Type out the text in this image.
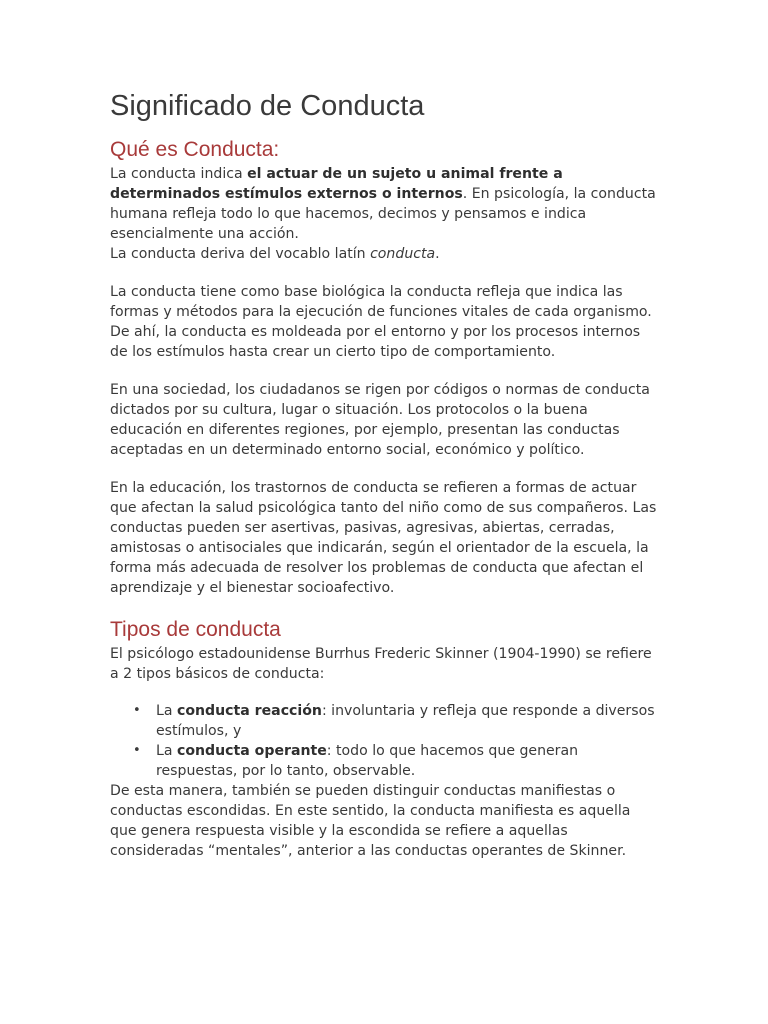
Significado de Conducta
Qué es Conducta:

La conducta indica el actuar de un sujeto u animal frente a determinados estímulos externos o internos. En psicología, la conducta humana refleja todo lo que hacemos, decimos y pensamos e indica esencialmente una acción.

La conducta deriva del vocablo latín conducta.

La conducta tiene como base biológica la conducta refleja que indica las formas y métodos para la ejecución de funciones vitales de cada organismo. De ahí, la conducta es moldeada por el entorno y por los procesos internos de los estímulos hasta crear un cierto tipo de comportamiento.

En una sociedad, los ciudadanos se rigen por códigos o normas de conducta dictados por su cultura, lugar o situación. Los protocolos o la buena educación en diferentes regiones, por ejemplo, presentan las conductas aceptadas en un determinado entorno social, económico y político.

En la educación, los trastornos de conducta se refieren a formas de actuar que afectan la salud psicológica tanto del niño como de sus compañeros. Las conductas pueden ser asertivas, pasivas, agresivas, abiertas, cerradas, amistosas o antisociales que indicarán, según el orientador de la escuela, la forma más adecuada de resolver los problemas de conducta que afectan el aprendizaje y el bienestar socioafectivo.

Tipos de conducta

El psicólogo estadounidense Burrhus Frederic Skinner (1904-1990) se refiere a 2 tipos básicos de conducta:

• La conducta reacción: involuntaria y refleja que responde a diversos estímulos, y
• La conducta operante: todo lo que hacemos que generan respuestas, por lo tanto, observable.

De esta manera, también se pueden distinguir conductas manifiestas o conductas escondidas. En este sentido, la conducta manifiesta es aquella que genera respuesta visible y la escondida se refiere a aquellas consideradas “mentales”, anterior a las conductas operantes de Skinner.
